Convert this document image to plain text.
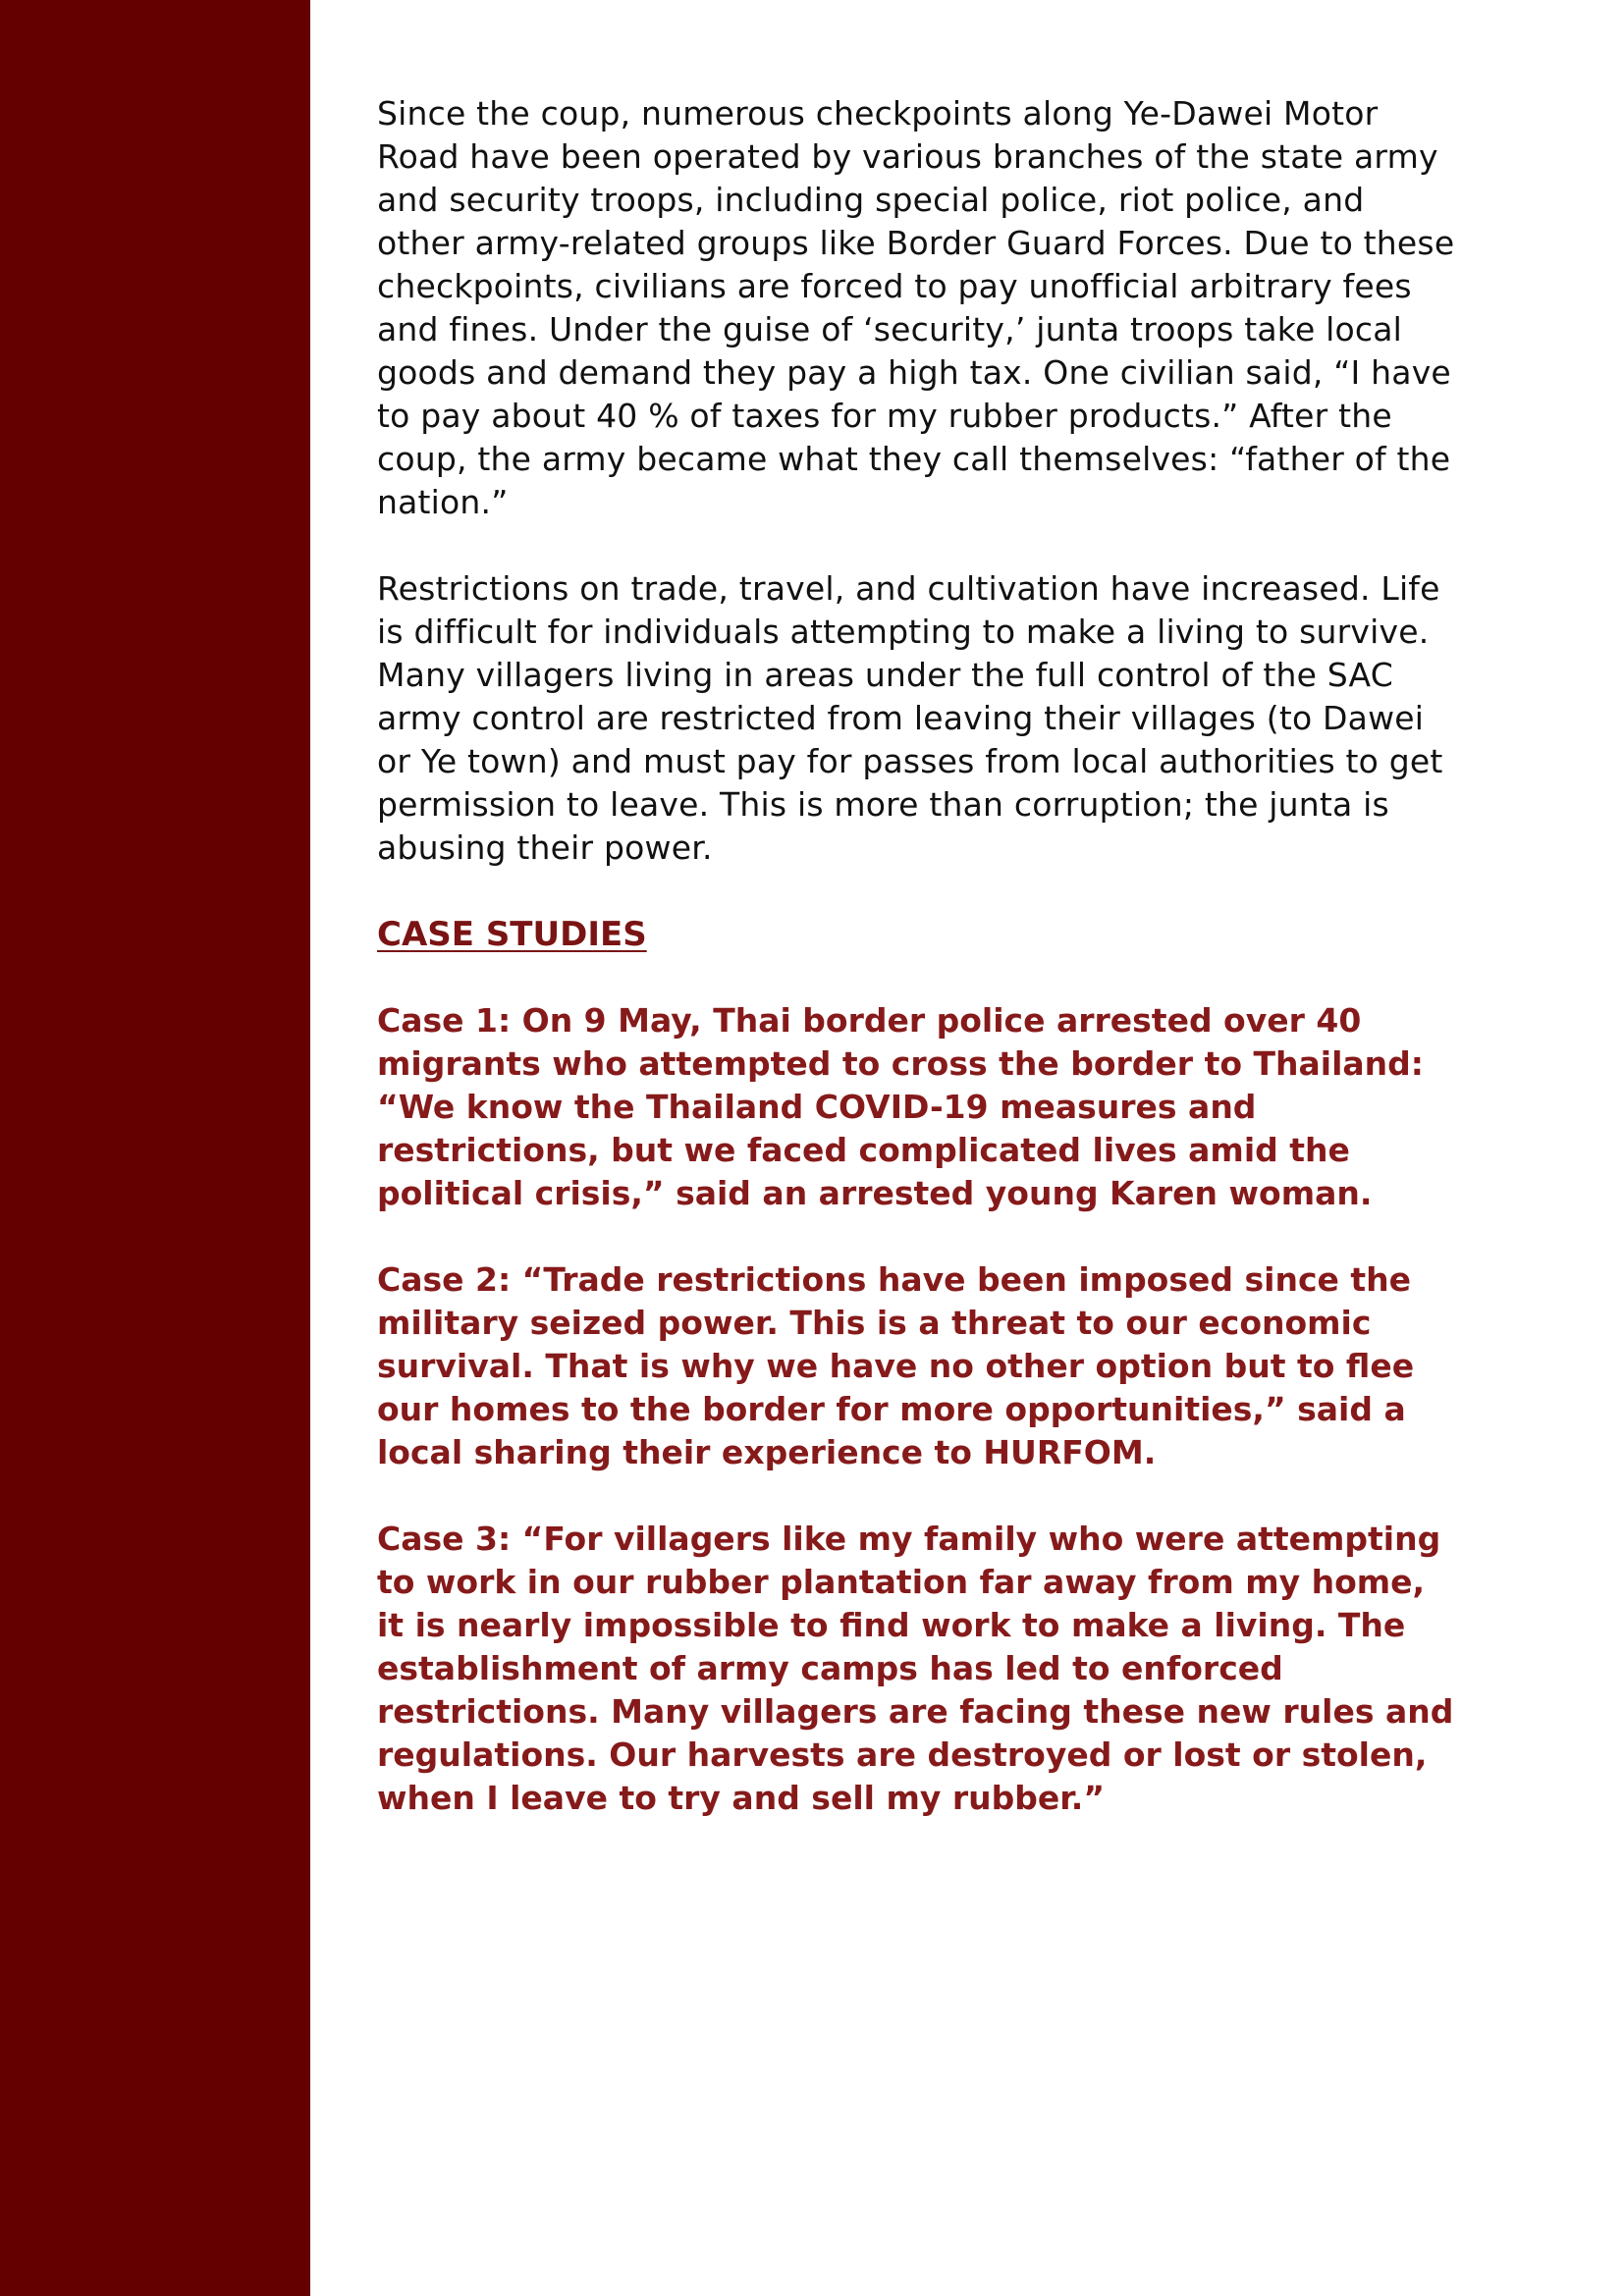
Since the coup, numerous checkpoints along Ye-Dawei Motor Road have been operated by various branches of the state army and security troops, including special police, riot police, and other army-related groups like Border Guard Forces. Due to these checkpoints, civilians are forced to pay unofficial arbitrary fees and fines. Under the guise of ‘security,’ junta troops take local goods and demand they pay a high tax. One civilian said, “I have to pay about 40 % of taxes for my rubber products.” After the coup, the army became what they call themselves: “father of the nation.”

Restrictions on trade, travel, and cultivation have increased. Life is difficult for individuals attempting to make a living to survive. Many villagers living in areas under the full control of the SAC army control are restricted from leaving their villages (to Dawei or Ye town) and must pay for passes from local authorities to get permission to leave. This is more than corruption; the junta is abusing their power.

CASE STUDIES

Case 1: On 9 May, Thai border police arrested over 40 migrants who attempted to cross the border to Thailand: “We know the Thailand COVID-19 measures and restrictions, but we faced complicated lives amid the political crisis,” said an arrested young Karen woman.

Case 2: “Trade restrictions have been imposed since the military seized power. This is a threat to our economic survival. That is why we have no other option but to flee our homes to the border for more opportunities,” said a local sharing their experience to HURFOM.

Case 3: “For villagers like my family who were attempting to work in our rubber plantation far away from my home, it is nearly impossible to find work to make a living. The establishment of army camps has led to enforced restrictions. Many villagers are facing these new rules and regulations. Our harvests are destroyed or lost or stolen, when I leave to try and sell my rubber.”
